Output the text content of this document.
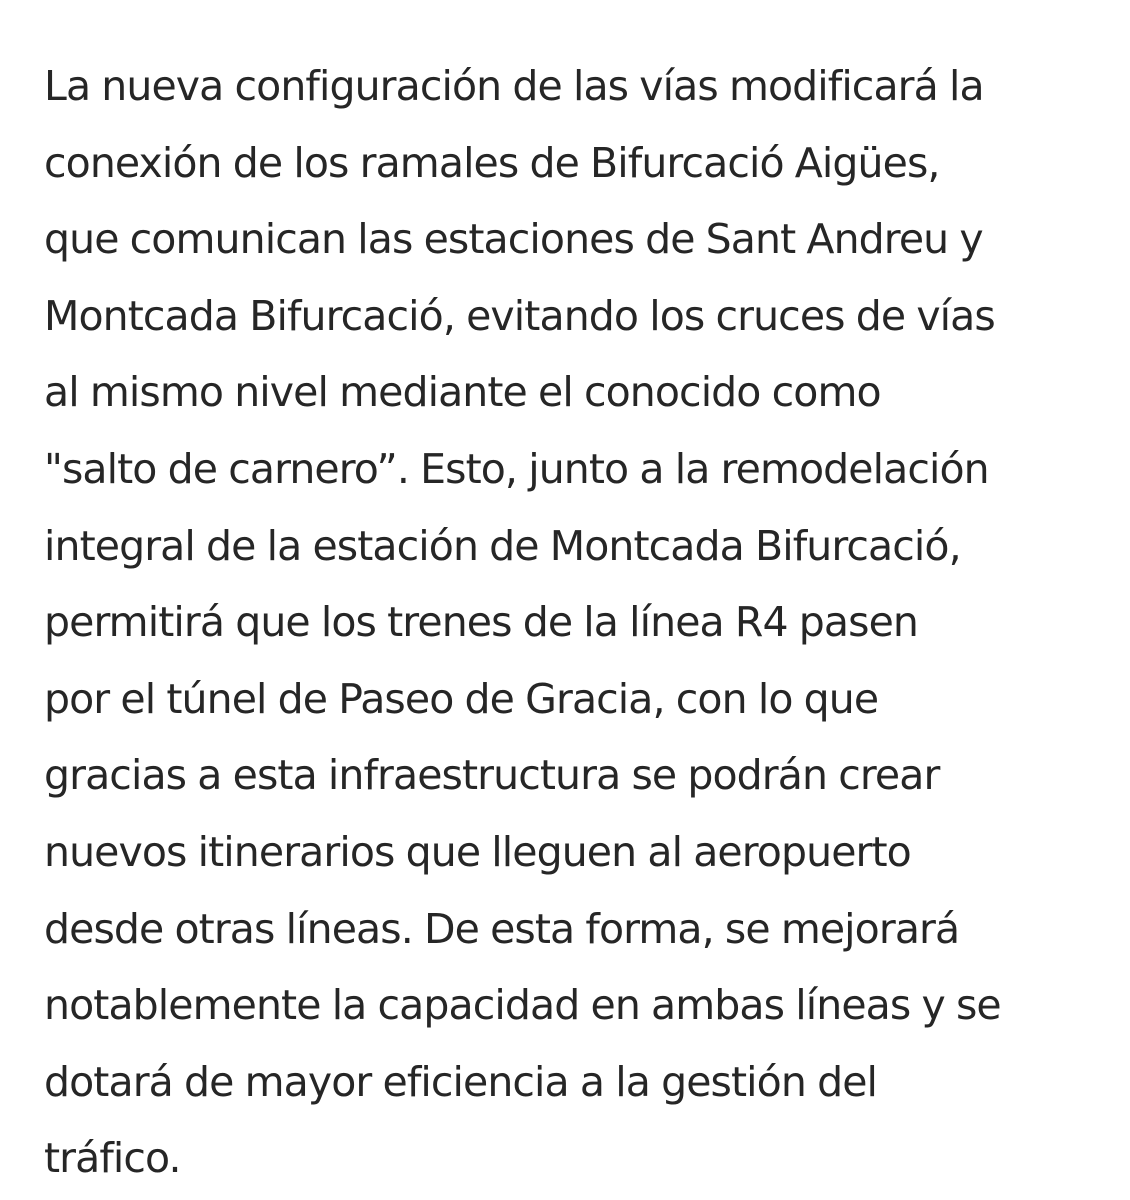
La nueva configuración de las vías modificará la
conexión de los ramales de Bifurcació Aigües,
que comunican las estaciones de Sant Andreu y
Montcada Bifurcació, evitando los cruces de vías
al mismo nivel mediante el conocido como
"salto de carnero”. Esto, junto a la remodelación
integral de la estación de Montcada Bifurcació,
permitirá que los trenes de la línea R4 pasen
por el túnel de Paseo de Gracia, con lo que
gracias a esta infraestructura se podrán crear
nuevos itinerarios que lleguen al aeropuerto
desde otras líneas. De esta forma, se mejorará
notablemente la capacidad en ambas líneas y se
dotará de mayor eficiencia a la gestión del
tráfico.
